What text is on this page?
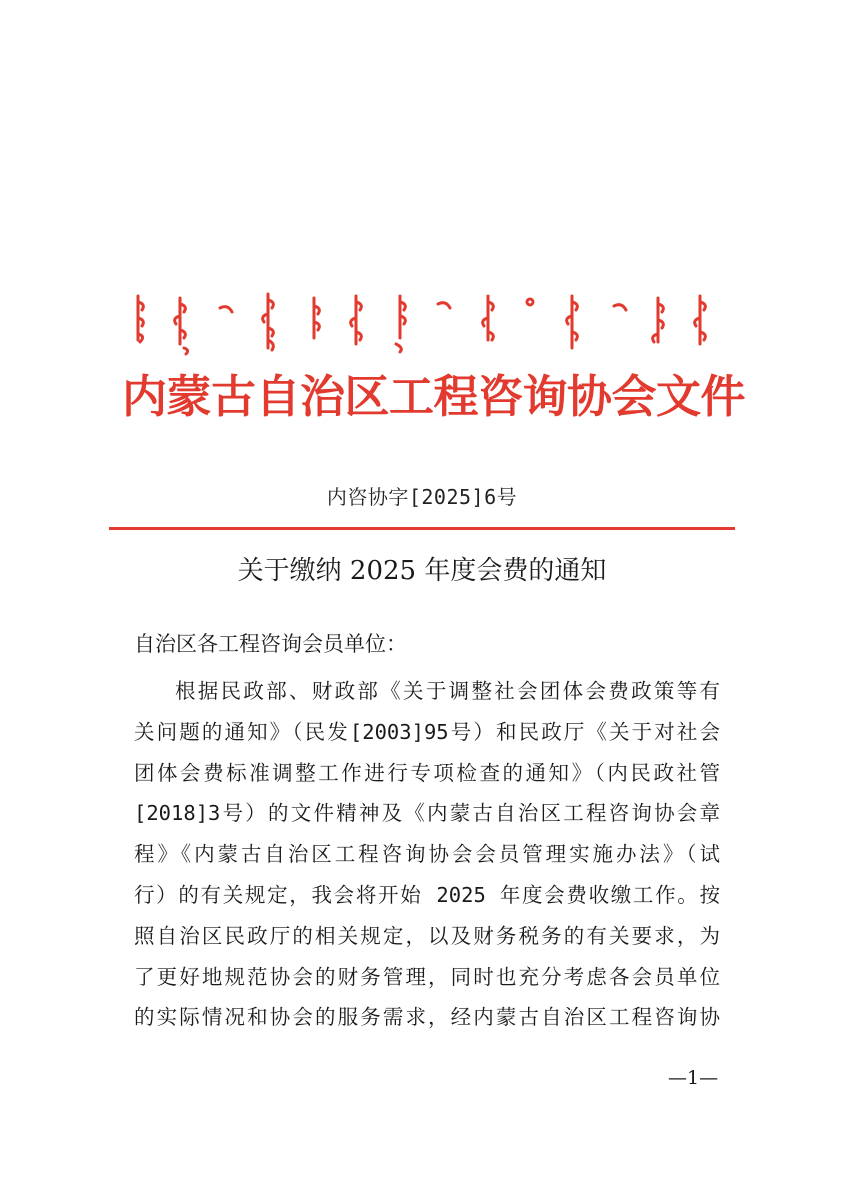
内蒙古自治区工程咨询协会文件
内咨协字[2025]6号
关于缴纳 2025 年度会费的通知
自治区各工程咨询会员单位：
根据民政部、财政部《关于调整社会团体会费政策等有
关问题的通知》（民发[2003]95号）和民政厅《关于对社会
团体会费标准调整工作进行专项检查的通知》（内民政社管
[2018]3号）的文件精神及《内蒙古自治区工程咨询协会章
程》《内蒙古自治区工程咨询协会会员管理实施办法》（试
行）的有关规定，我会将开始 2025 年度会费收缴工作。按
照自治区民政厅的相关规定，以及财务税务的有关要求，为
了更好地规范协会的财务管理，同时也充分考虑各会员单位
的实际情况和协会的服务需求，经内蒙古自治区工程咨询协
—1—
